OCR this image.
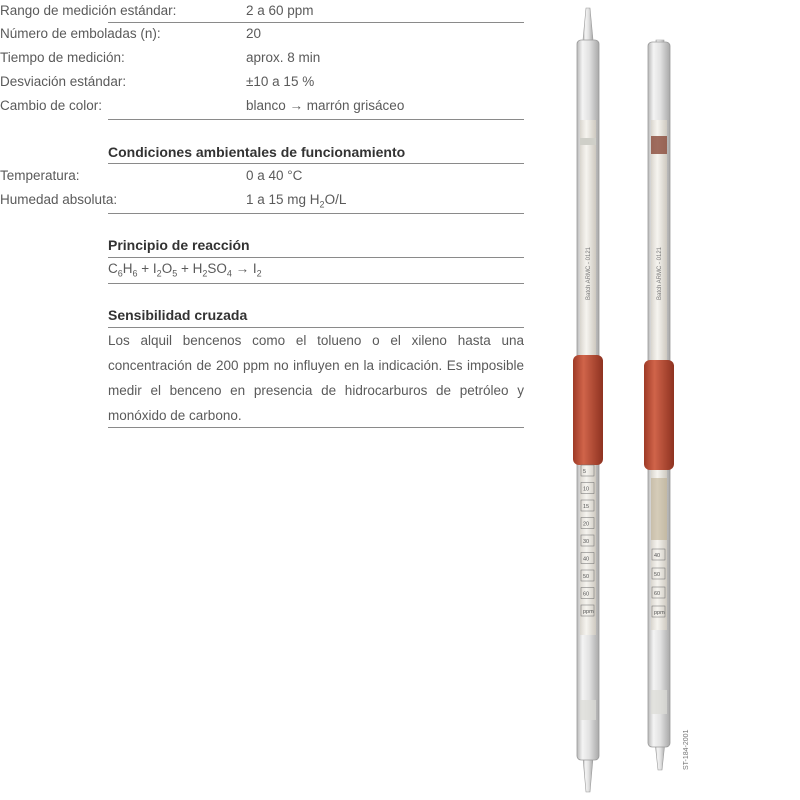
Rango de medición estándar:	2 a 60 ppm
Número de emboladas (n):	20
Tiempo de medición:	aprox. 8 min
Desviación estándar:	±10 a 15 %
Cambio de color:	blanco → marrón grisáceo
Condiciones ambientales de funcionamiento
Temperatura:	0 a 40 °C
Humedad absoluta:	1 a 15 mg $H_2O/L$
Principio de reacción
$C_6H_6 + I_2O_5 + H_2SO_4 \to I_2$
Sensibilidad cruzada
Los alquil bencenos como el tolueno o el xileno hasta una concentración de 200 ppm no influyen en la indicación. Es imposible medir el benceno en presencia de hidrocarburos de petróleo y monóxido de carbono.
Batch ARMC - 0121
5
10
15
20
30
40
50
60
ppm
Batch ARMC - 0121
40
50
60
ppm
ST-184-2001
